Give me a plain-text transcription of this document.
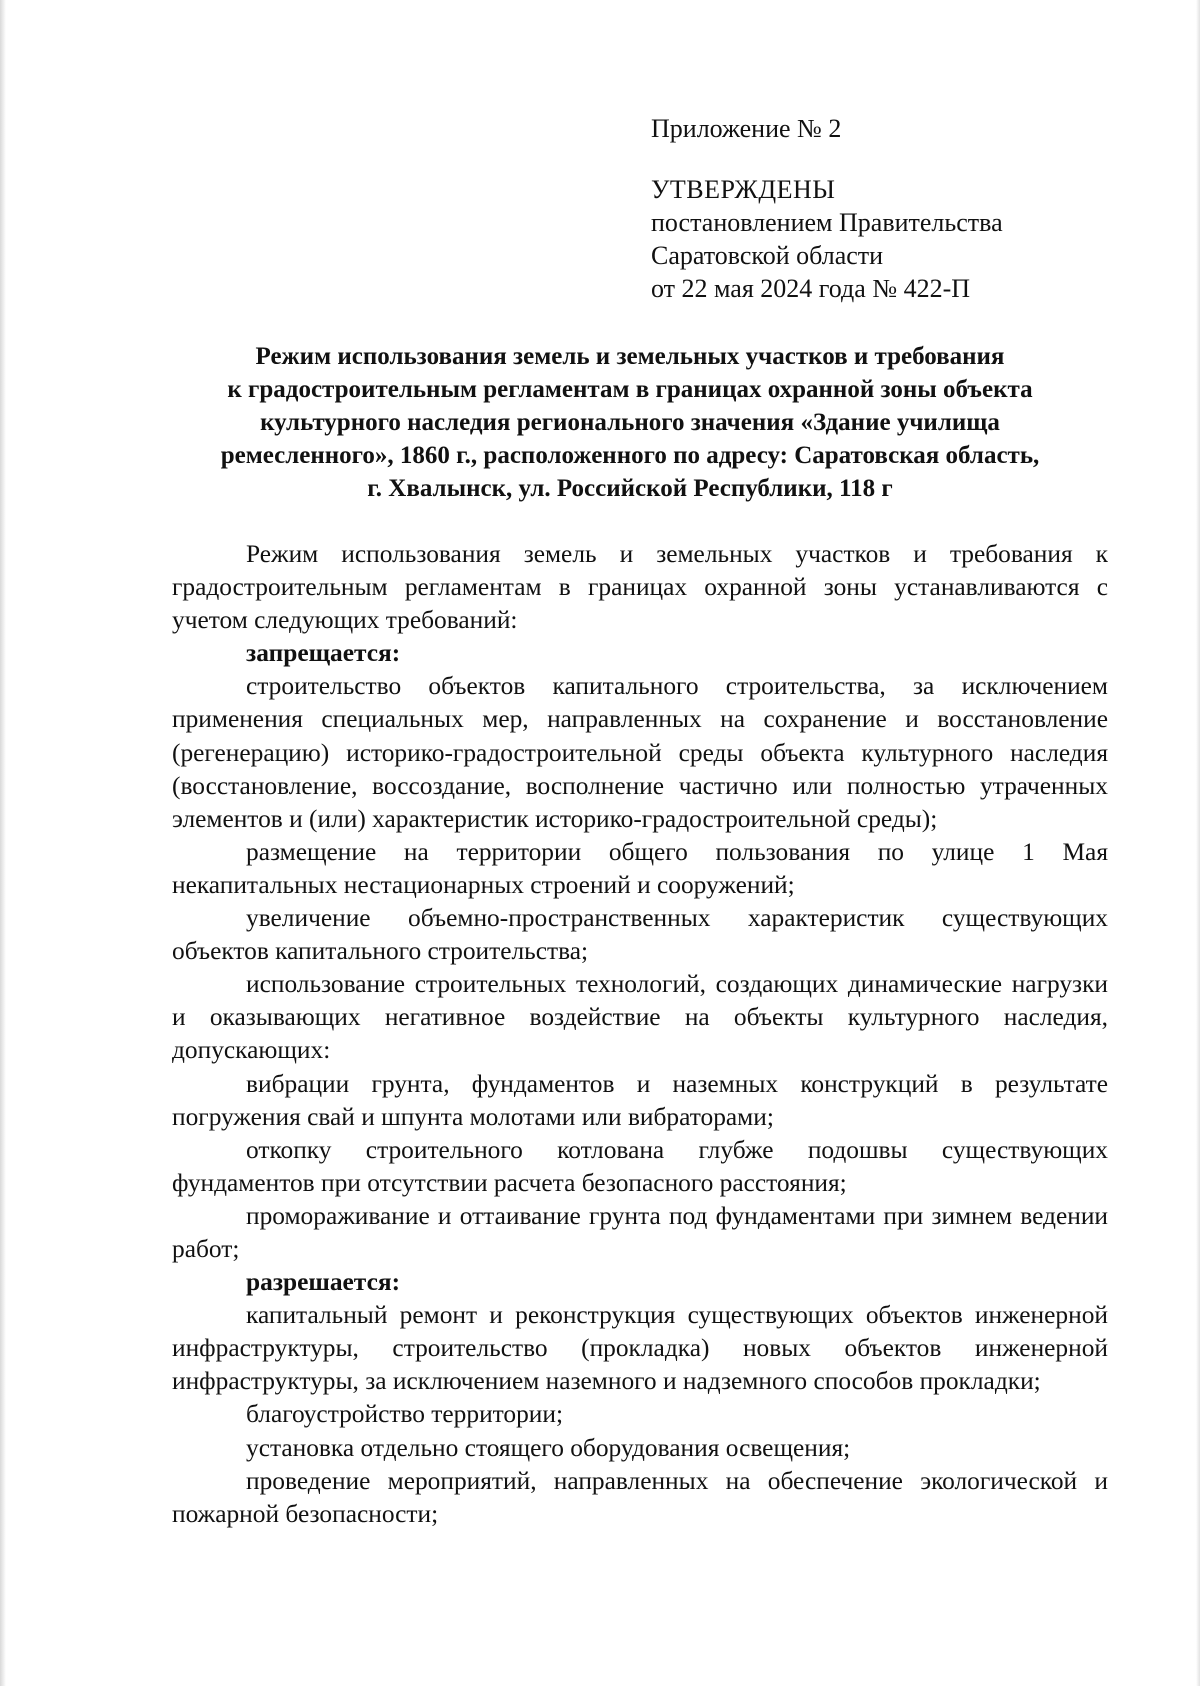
Приложение № 2
УТВЕРЖДЕНЫ
постановлением Правительства
Саратовской области
от 22 мая 2024 года № 422-П
Режим использования земель и земельных участков и требования
к градостроительным регламентам в границах охранной зоны объекта
культурного наследия регионального значения «Здание училища
ремесленного», 1860 г., расположенного по адресу: Саратовская область,
г. Хвалынск, ул. Российской Республики, 118 г

Режим использования земель и земельных участков и требования к градостроительным регламентам в границах охранной зоны устанавливаются с учетом следующих требований:

запрещается:

строительство объектов капитального строительства, за исключением применения специальных мер, направленных на сохранение и восстановление (регенерацию) историко-градостроительной среды объекта культурного наследия (восстановление, воссоздание, восполнение частично или полностью утраченных элементов и (или) характеристик историко-градостроительной среды);

размещение на территории общего пользования по улице 1 Мая некапитальных нестационарных строений и сооружений;

увеличение объемно-пространственных характеристик существующих объектов капитального строительства;

использование строительных технологий, создающих динамические нагрузки и оказывающих негативное воздействие на объекты культурного наследия, допускающих:

вибрации грунта, фундаментов и наземных конструкций в результате погружения свай и шпунта молотами или вибраторами;

откопку строительного котлована глубже подошвы существующих фундаментов при отсутствии расчета безопасного расстояния;

промораживание и оттаивание грунта под фундаментами при зимнем ведении работ;

разрешается:

капитальный ремонт и реконструкция существующих объектов инженерной инфраструктуры, строительство (прокладка) новых объектов инженерной инфраструктуры, за исключением наземного и надземного способов прокладки;

благоустройство территории;

установка отдельно стоящего оборудования освещения;

проведение мероприятий, направленных на обеспечение экологической и пожарной безопасности;
